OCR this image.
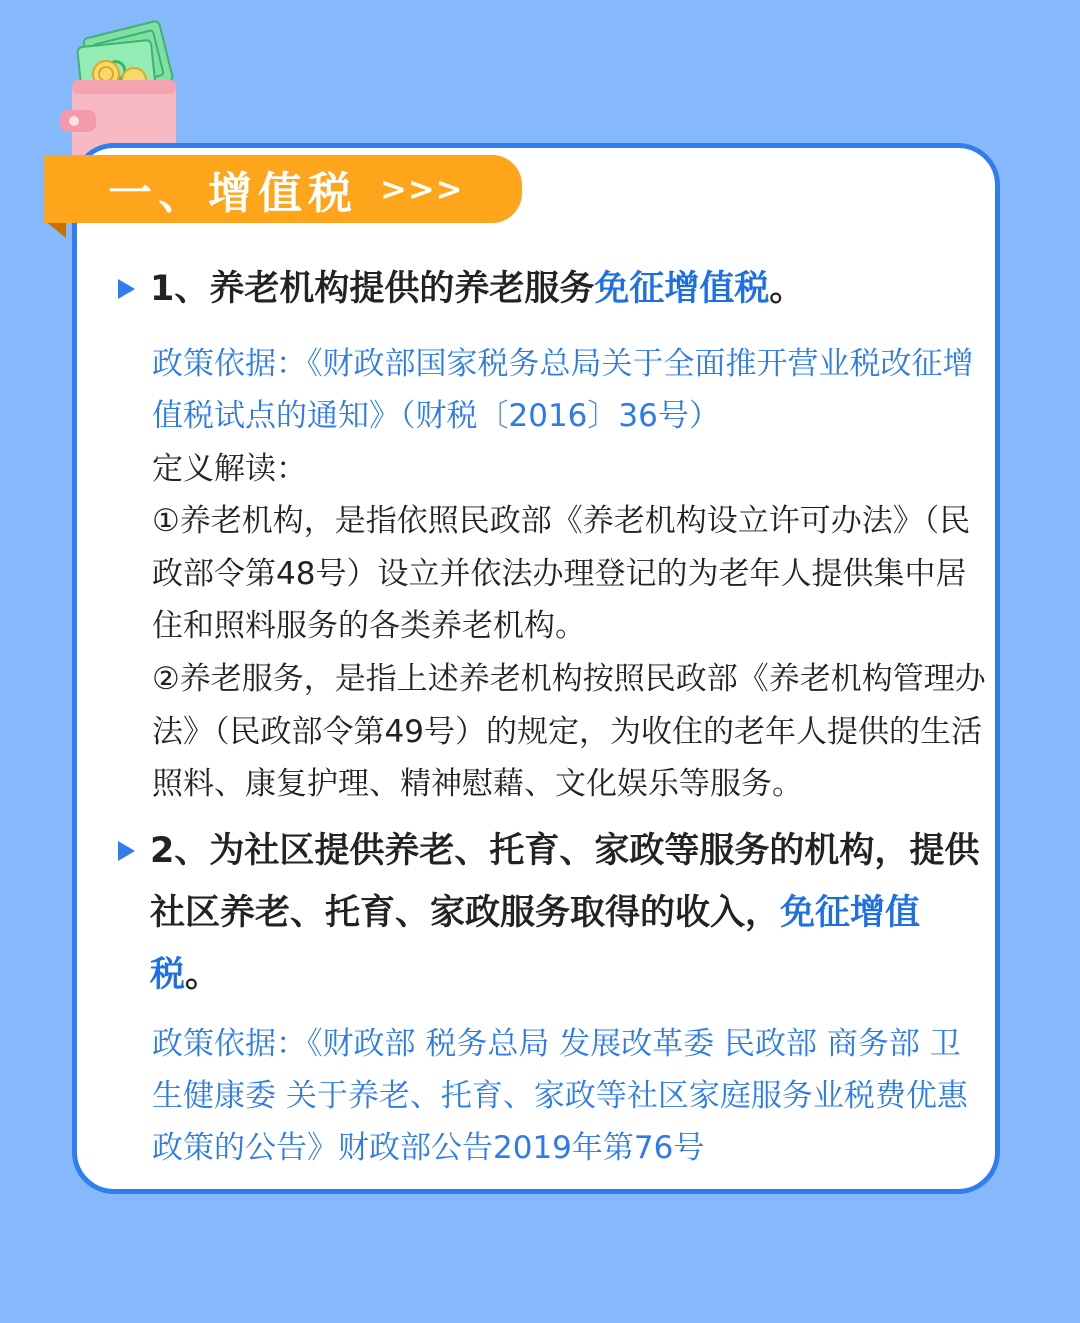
一、增值税 >>>
1、养老机构提供的养老服务免征增值税。
政策依据：《财政部国家税务总局关于全面推开营业税改征增值税试点的通知》（财税〔2016〕36号）
定义解读：
①养老机构，是指依照民政部《养老机构设立许可办法》（民政部令第48号）设立并依法办理登记的为老年人提供集中居住和照料服务的各类养老机构。
②养老服务，是指上述养老机构按照民政部《养老机构管理办法》（民政部令第49号）的规定，为收住的老年人提供的生活照料、康复护理、精神慰藉、文化娱乐等服务。
2、为社区提供养老、托育、家政等服务的机构，提供社区养老、托育、家政服务取得的收入，免征增值税。
政策依据：《财政部 税务总局 发展改革委 民政部 商务部 卫生健康委 关于养老、托育、家政等社区家庭服务业税费优惠政策的公告》财政部公告2019年第76号
